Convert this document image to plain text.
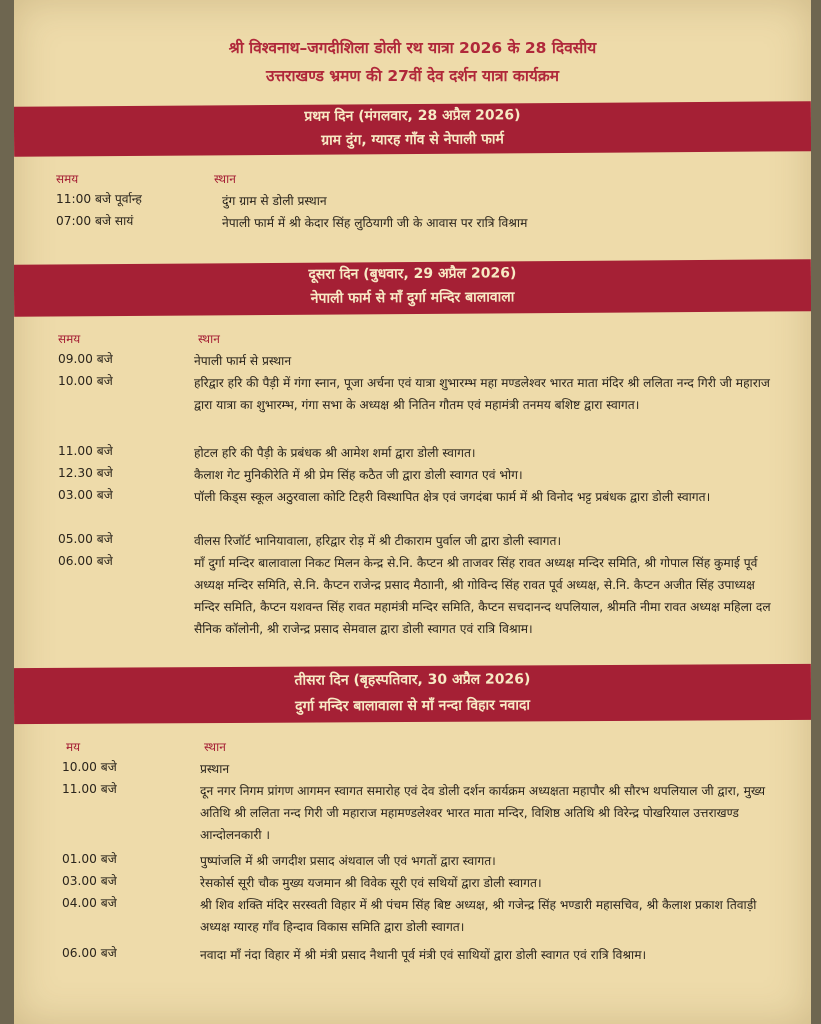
श्री विश्वनाथ–जगदीशिला डोली रथ यात्रा 2026 के 28 दिवसीय
उत्तराखण्ड भ्रमण की 27वीं देव दर्शन यात्रा कार्यक्रम
प्रथम दिन (मंगलवार, 28 अप्रैल 2026)
ग्राम दुंग, ग्यारह गाँव से नेपाली फार्म
समय	स्थान
11:00 बजे पूर्वान्ह	दुंग ग्राम से डोली प्रस्थान
07:00 बजे सायं	नेपाली फार्म में श्री केदार सिंह लुठियागी जी के आवास पर रात्रि विश्राम
दूसरा दिन (बुधवार, 29 अप्रैल 2026)
नेपाली फार्म से माँ दुर्गा मन्दिर बालावाला
समय	स्थान
09.00 बजे	नेपाली फार्म से प्रस्थान
10.00 बजे	हरिद्वार हरि की पैड़ी में गंगा स्नान, पूजा अर्चना एवं यात्रा शुभारम्भ महा मण्डलेश्वर भारत माता मंदिर श्री ललिता नन्द गिरी जी महाराज द्वारा यात्रा का शुभारम्भ, गंगा सभा के अध्यक्ष श्री नितिन गौतम एवं महामंत्री तनमय बशिष्ट द्वारा स्वागत।
11.00 बजे	होटल हरि की पैड़ी के प्रबंधक श्री आमेश शर्मा द्वारा डोली स्वागत।
12.30 बजे	कैलाश गेट मुनिकीरेति में श्री प्रेम सिंह कठैत जी द्वारा डोली स्वागत एवं भोग।
03.00 बजे	पॉली किड्स स्कूल अठुरवाला कोटि टिहरी विस्थापित क्षेत्र एवं जगदंबा फार्म में श्री विनोद भट्ट प्रबंधक द्वारा डोली स्वागत।
05.00 बजे	वीलस रिजॉर्ट भानियावाला, हरिद्वार रोड़ में श्री टीकाराम पुर्वाल जी द्वारा डोली स्वागत।
06.00 बजे	माँ दुर्गा मन्दिर बालावाला निकट मिलन केन्द्र से.नि. कैप्टन श्री ताजवर सिंह रावत अध्यक्ष मन्दिर समिति, श्री गोपाल सिंह कुमाई पूर्व अध्यक्ष मन्दिर समिति, से.नि. कैप्टन राजेन्द्र प्रसाद मैठाानी, श्री गोविन्द सिंह रावत पूर्व अध्यक्ष, से.नि. कैप्टन अजीत सिंह उपाध्यक्ष मन्दिर समिति, कैप्टन यशवन्त सिंह रावत महामंत्री मन्दिर समिति, कैप्टन सचदानन्द थपलियाल, श्रीमति नीमा रावत अध्यक्ष महिला दल सैनिक कॉलोनी, श्री राजेन्द्र प्रसाद सेमवाल द्वारा डोली स्वागत एवं रात्रि विश्राम।
तीसरा दिन (बृहस्पतिवार, 30 अप्रैल 2026)
दुर्गा मन्दिर बालावाला से माँ नन्दा विहार नवादा
मय	स्थान
10.00 बजे	प्रस्थान
11.00 बजे	दून नगर निगम प्रांगण आगमन स्वागत समारोह एवं देव डोली दर्शन कार्यक्रम अध्यक्षता महापौर श्री सौरभ थपलियाल जी द्वारा, मुख्य अतिथि श्री ललिता नन्द गिरी जी महाराज महामण्डलेश्वर भारत माता मन्दिर, विशिष्ठ अतिथि श्री विरेन्द्र पोखरियाल उत्तराखण्ड आन्दोलनकारी ।
01.00 बजे	पुष्पांजलि में श्री जगदीश प्रसाद अंथवाल जी एवं भगतों द्वारा स्वागत।
03.00 बजे	रेसकोर्स सूरी चौक मुख्य यजमान श्री विवेक सूरी एवं सथियों द्वारा डोली स्वागत।
04.00 बजे	श्री शिव शक्ति मंदिर सरस्वती विहार में श्री पंचम सिंह बिष्ट अध्यक्ष, श्री गजेन्द्र सिंह भण्डारी महासचिव, श्री कैलाश प्रकाश तिवाड़ी अध्यक्ष ग्यारह गाँव हिन्दाव विकास समिति द्वारा डोली स्वागत।
06.00 बजे	नवादा माँ नंदा विहार में श्री मंत्री प्रसाद नैथानी पूर्व मंत्री एवं साथियों द्वारा डोली स्वागत एवं रात्रि विश्राम।
